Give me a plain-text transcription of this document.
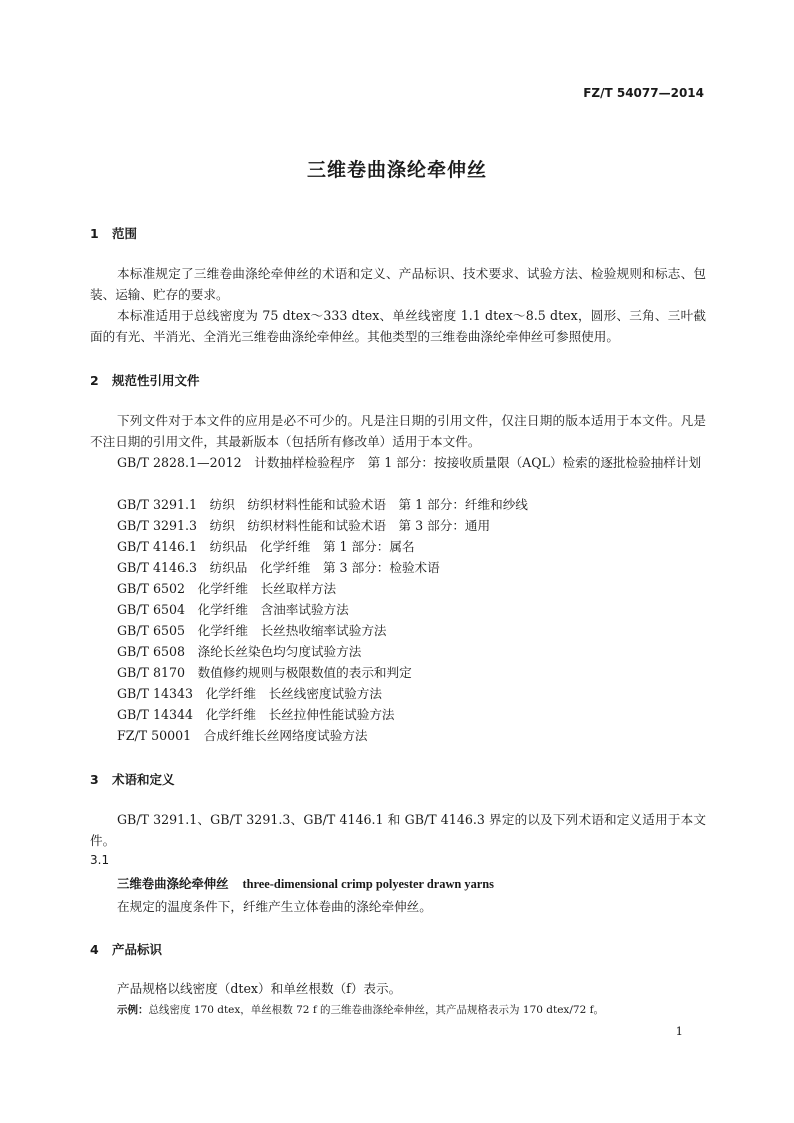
FZ/T 54077—2014
三维卷曲涤纶牵伸丝
1 范围
本标准规定了三维卷曲涤纶牵伸丝的术语和定义、产品标识、技术要求、试验方法、检验规则和标志、包装、运输、贮存的要求。
本标准适用于总线密度为 75 dtex～333 dtex、单丝线密度 1.1 dtex～8.5 dtex，圆形、三角、三叶截面的有光、半消光、全消光三维卷曲涤纶牵伸丝。其他类型的三维卷曲涤纶牵伸丝可参照使用。
2 规范性引用文件
下列文件对于本文件的应用是必不可少的。凡是注日期的引用文件，仅注日期的版本适用于本文件。凡是不注日期的引用文件，其最新版本（包括所有修改单）适用于本文件。
GB/T 2828.1—2012　计数抽样检验程序　第 1 部分：按接收质量限（AQL）检索的逐批检验抽样计划
GB/T 3291.1　纺织　纺织材料性能和试验术语　第 1 部分：纤维和纱线
GB/T 3291.3　纺织　纺织材料性能和试验术语　第 3 部分：通用
GB/T 4146.1　纺织品　化学纤维　第 1 部分：属名
GB/T 4146.3　纺织品　化学纤维　第 3 部分：检验术语
GB/T 6502　化学纤维　长丝取样方法
GB/T 6504　化学纤维　含油率试验方法
GB/T 6505　化学纤维　长丝热收缩率试验方法
GB/T 6508　涤纶长丝染色均匀度试验方法
GB/T 8170　数值修约规则与极限数值的表示和判定
GB/T 14343　化学纤维　长丝线密度试验方法
GB/T 14344　化学纤维　长丝拉伸性能试验方法
FZ/T 50001　合成纤维长丝网络度试验方法
3 术语和定义
GB/T 3291.1、GB/T 3291.3、GB/T 4146.1 和 GB/T 4146.3 界定的以及下列术语和定义适用于本文件。
3.1
三维卷曲涤纶牵伸丝 three-dimensional crimp polyester drawn yarns
在规定的温度条件下，纤维产生立体卷曲的涤纶牵伸丝。
4 产品标识
产品规格以线密度（dtex）和单丝根数（f）表示。
示例：总线密度 170 dtex，单丝根数 72 f 的三维卷曲涤纶牵伸丝，其产品规格表示为 170 dtex/72 f。
1
